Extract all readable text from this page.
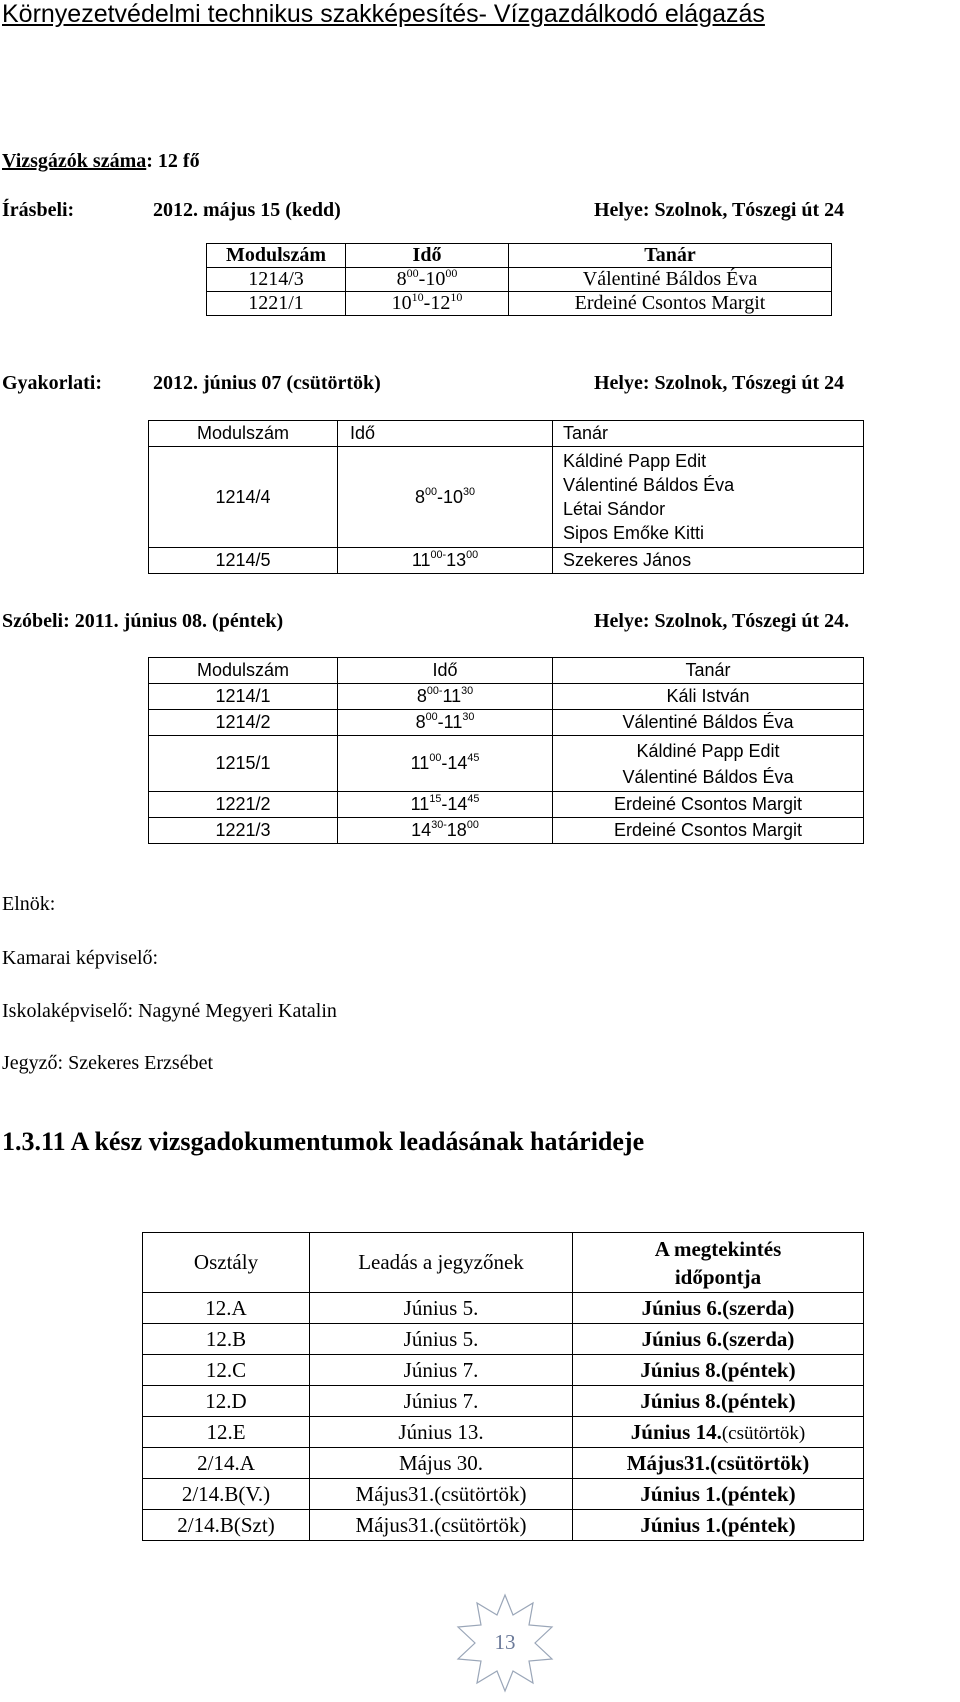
Környezetvédelmi technikus szakképesítés- Vízgazdálkodó elágazás
Vizsgázók száma: 12 fő
Írásbeli:	2012. május 15 (kedd)	Helye: Szolnok, Tószegi út 24
Modulszám	Idő	Tanár
1214/3	$8^{00}-10^{00}$	Válentiné Báldos Éva
1221/1	$10^{10}-12^{10}$	Erdeiné Csontos Margit
Gyakorlati:	2012. június 07 (csütörtök)	Helye: Szolnok, Tószegi út 24
Modulszám	Idő	Tanár
1214/4	$8^{00}-10^{30}$	Káldiné Papp Edit
Válentiné Báldos Éva
Létai Sándor
Sipos Emőke Kitti

1214/5	$11^{00-}13^{00}$	Szekeres János
Szóbeli: 2011. június 08. (péntek)	Helye: Szolnok, Tószegi út 24.
Modulszám	Idő	Tanár
1214/1	$8^{00-}11^{30}$	Káli István
1214/2	$8^{00}-11^{30}$	Válentiné Báldos Éva
1215/1	$11^{00}-14^{45}$	Káldiné Papp Edit
Válentiné Báldos Éva

1221/2	$11^{15}-14^{45}$	Erdeiné Csontos Margit
1221/3	$14^{30-}18^{00}$	Erdeiné Csontos Margit
Elnök:
Kamarai képviselő:
Iskolaképviselő: Nagyné Megyeri Katalin
Jegyző: Szekeres Erzsébet
1.3.11 A kész vizsgadokumentumok leadásának határideje
Osztály	Leadás a jegyzőnek	A megtekintés
időpontja

12.A	Június 5.	Június 6.(szerda)
12.B	Június 5.	Június 6.(szerda)
12.C	Június 7.	Június 8.(péntek)
12.D	Június 7.	Június 8.(péntek)
12.E	Június 13.	Június 14.(csütörtök)
2/14.A	Május 30.	Május31.(csütörtök)
2/14.B(V.)	Május31.(csütörtök)	Június 1.(péntek)
2/14.B(Szt)	Május31.(csütörtök)	Június 1.(péntek)
13
